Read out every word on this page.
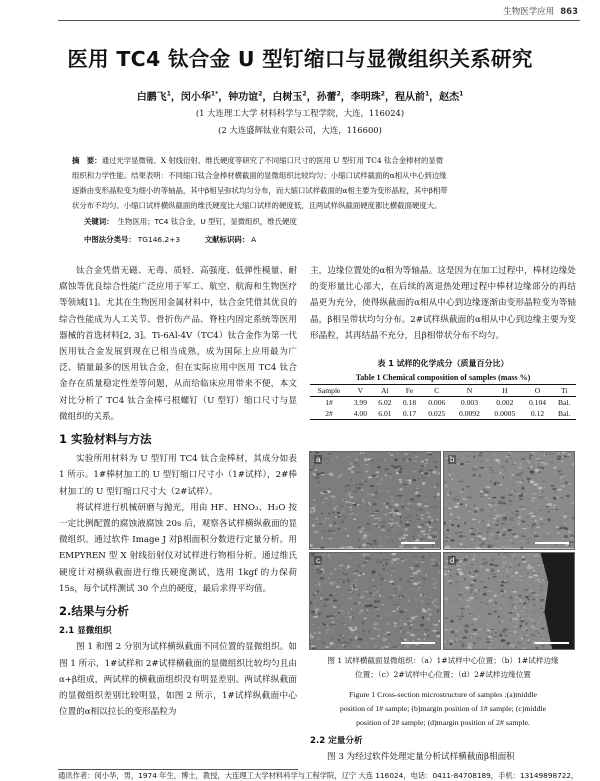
生物医学应用 863
医用 TC4 钛合金 U 型钉缩口与显微组织关系研究
白鹏飞$^1$，闵小华$^{1*}$，钟功谊$^2$，白树玉$^2$，孙蕾$^2$，李明珠$^2$，程从前$^1$，赵杰$^1$
(1 大连理工大学 材料科学与工程学院，大连，116024)
(2 大连盛辉钛业有限公司，大连，116600)
摘　要：通过光学显微镜、X 射线衍射、维氏硬度等研究了不同缩口尺寸的医用 U 型钉用 TC4 钛合金棒材的显微
组织和力学性能。结果表明：不同缩口钛合金棒材横截面的显微组织比较均匀；小缩口试样截面的α相从中心到边缘
逐渐由变形晶粒变为细小的等轴晶，其中β相呈弥状均匀分布，而大缩口试样截面的α相主要为变形晶粒，其中β相带
状分布不均匀。小缩口试样横纵截面的维氏硬度比大缩口试样的硬度低，且两试样纵截面硬度都比横截面硬度大。
关键词： 生物医用；TC4 钛合金，U 型钉，显微组织，维氏硬度
中图法分类号： TG146.2+3	文献标识码： A

钛合金凭借无磁、无毒、质轻、高强度、低弹性模量、耐腐蚀等优良综合性能广泛应用于军工、航空、航海和生物医疗等领域[1]。尤其在生物医用金属材料中，钛合金凭借其优良的综合性能成为人工关节、骨折伤产品、脊柱内固定系统等医用器械的首选材料[2, 3]。Ti-6Al-4V（TC4）钛合金作为第一代医用钛合金发展到现在已相当成熟，成为国际上应用最为广泛、销量最多的医用钛合金，但在实际应用中医用 TC4 钛合金存在质量稳定性差等问题，从而给临床应用带来不便，本文对比分析了 TC4 钛合金棒弓根螺钉（U 型钉）缩口尺寸与显微组织的关系。

1 实验材料与方法

实验所用材料为 U 型钉用 TC4 钛合金棒材，其成分如表 1 所示。1#棒材加工的 U 型钉缩口尺寸小（1#试样），2#棒材加工的 U 型钉缩口尺寸大（2#试样）。

将试样进行机械研磨与抛光，用由 HF、HNO₃、H₂O 按一定比例配置的腐蚀液腐蚀 20s 后，观察各试样横纵截面的显微组织。通过软件 Image J 对β相面积分数进行定量分析。用 EMPYREN 型 X 射线衍射仪对试样进行物相分析。通过维氏硬度计对横纵截面进行维氏硬度测试，选用 1kgf 的力保荷 15s，每个试样测试 30 个点的硬度，最后求得平均值。

2.结果与分析
2.1 显微组织

图 1 和图 2 分别为试样横纵截面不同位置的显微组织。如图 1 所示，1#试样和 2#试样横截面的显微组织比较均匀且由α+β组成，两试样的横截面组织没有明显差别。两试样纵截面的显微组织差别比较明显，如图 2 所示，1#试样纵截面中心位置的α相以拉长的变形晶粒为

主，边缘位置处的α相为等轴晶。这是因为在加工过程中，棒材边缘处的变形量比心部大，在后续的离退热处理过程中棒材边缘部分的再结晶更为充分，使得纵截面的α相从中心到边缘逐渐由变形晶粒变为等轴晶，β相呈带状均匀分布。2#试样纵截面的α相从中心到边缘主要为变形晶粒，其再结晶不充分，且β相带状分布不均匀。

表 1 试样的化学成分（质量百分比）
Table 1 Chemical composition of samples (mass %)
Sample	V	Al	Fe	C	N	H	O	Ti
1#	3.99	6.02	0.18	0.006	0.003	0.002	0.104	Bal.
2#	4.00	6.01	0.17	0.025	0.0092	0.0005	0.12	Bal.
a	b
c	d
图 1 试样横截面显微组织：（a）1#试样中心位置；（b）1#试样边缘
位置；（c）2#试样中心位置；（d）2#试样边缘位置
Figure 1 Cross-section microstructure of samples :(a)middle
position of 1# sample; (b)margin position of 1# sample; (c)middle
position of 2# sample; (d)margin position of 2# sample.
2.2 定量分析

图 3 为经过软件处理定量分析试样横截面β相面积

通讯作者：闵小华，男，1974 年生，博士，教授，大连理工大学材料科学与工程学院，辽宁 大连 116024，电话：0411-84708189，手机：13149898722，
